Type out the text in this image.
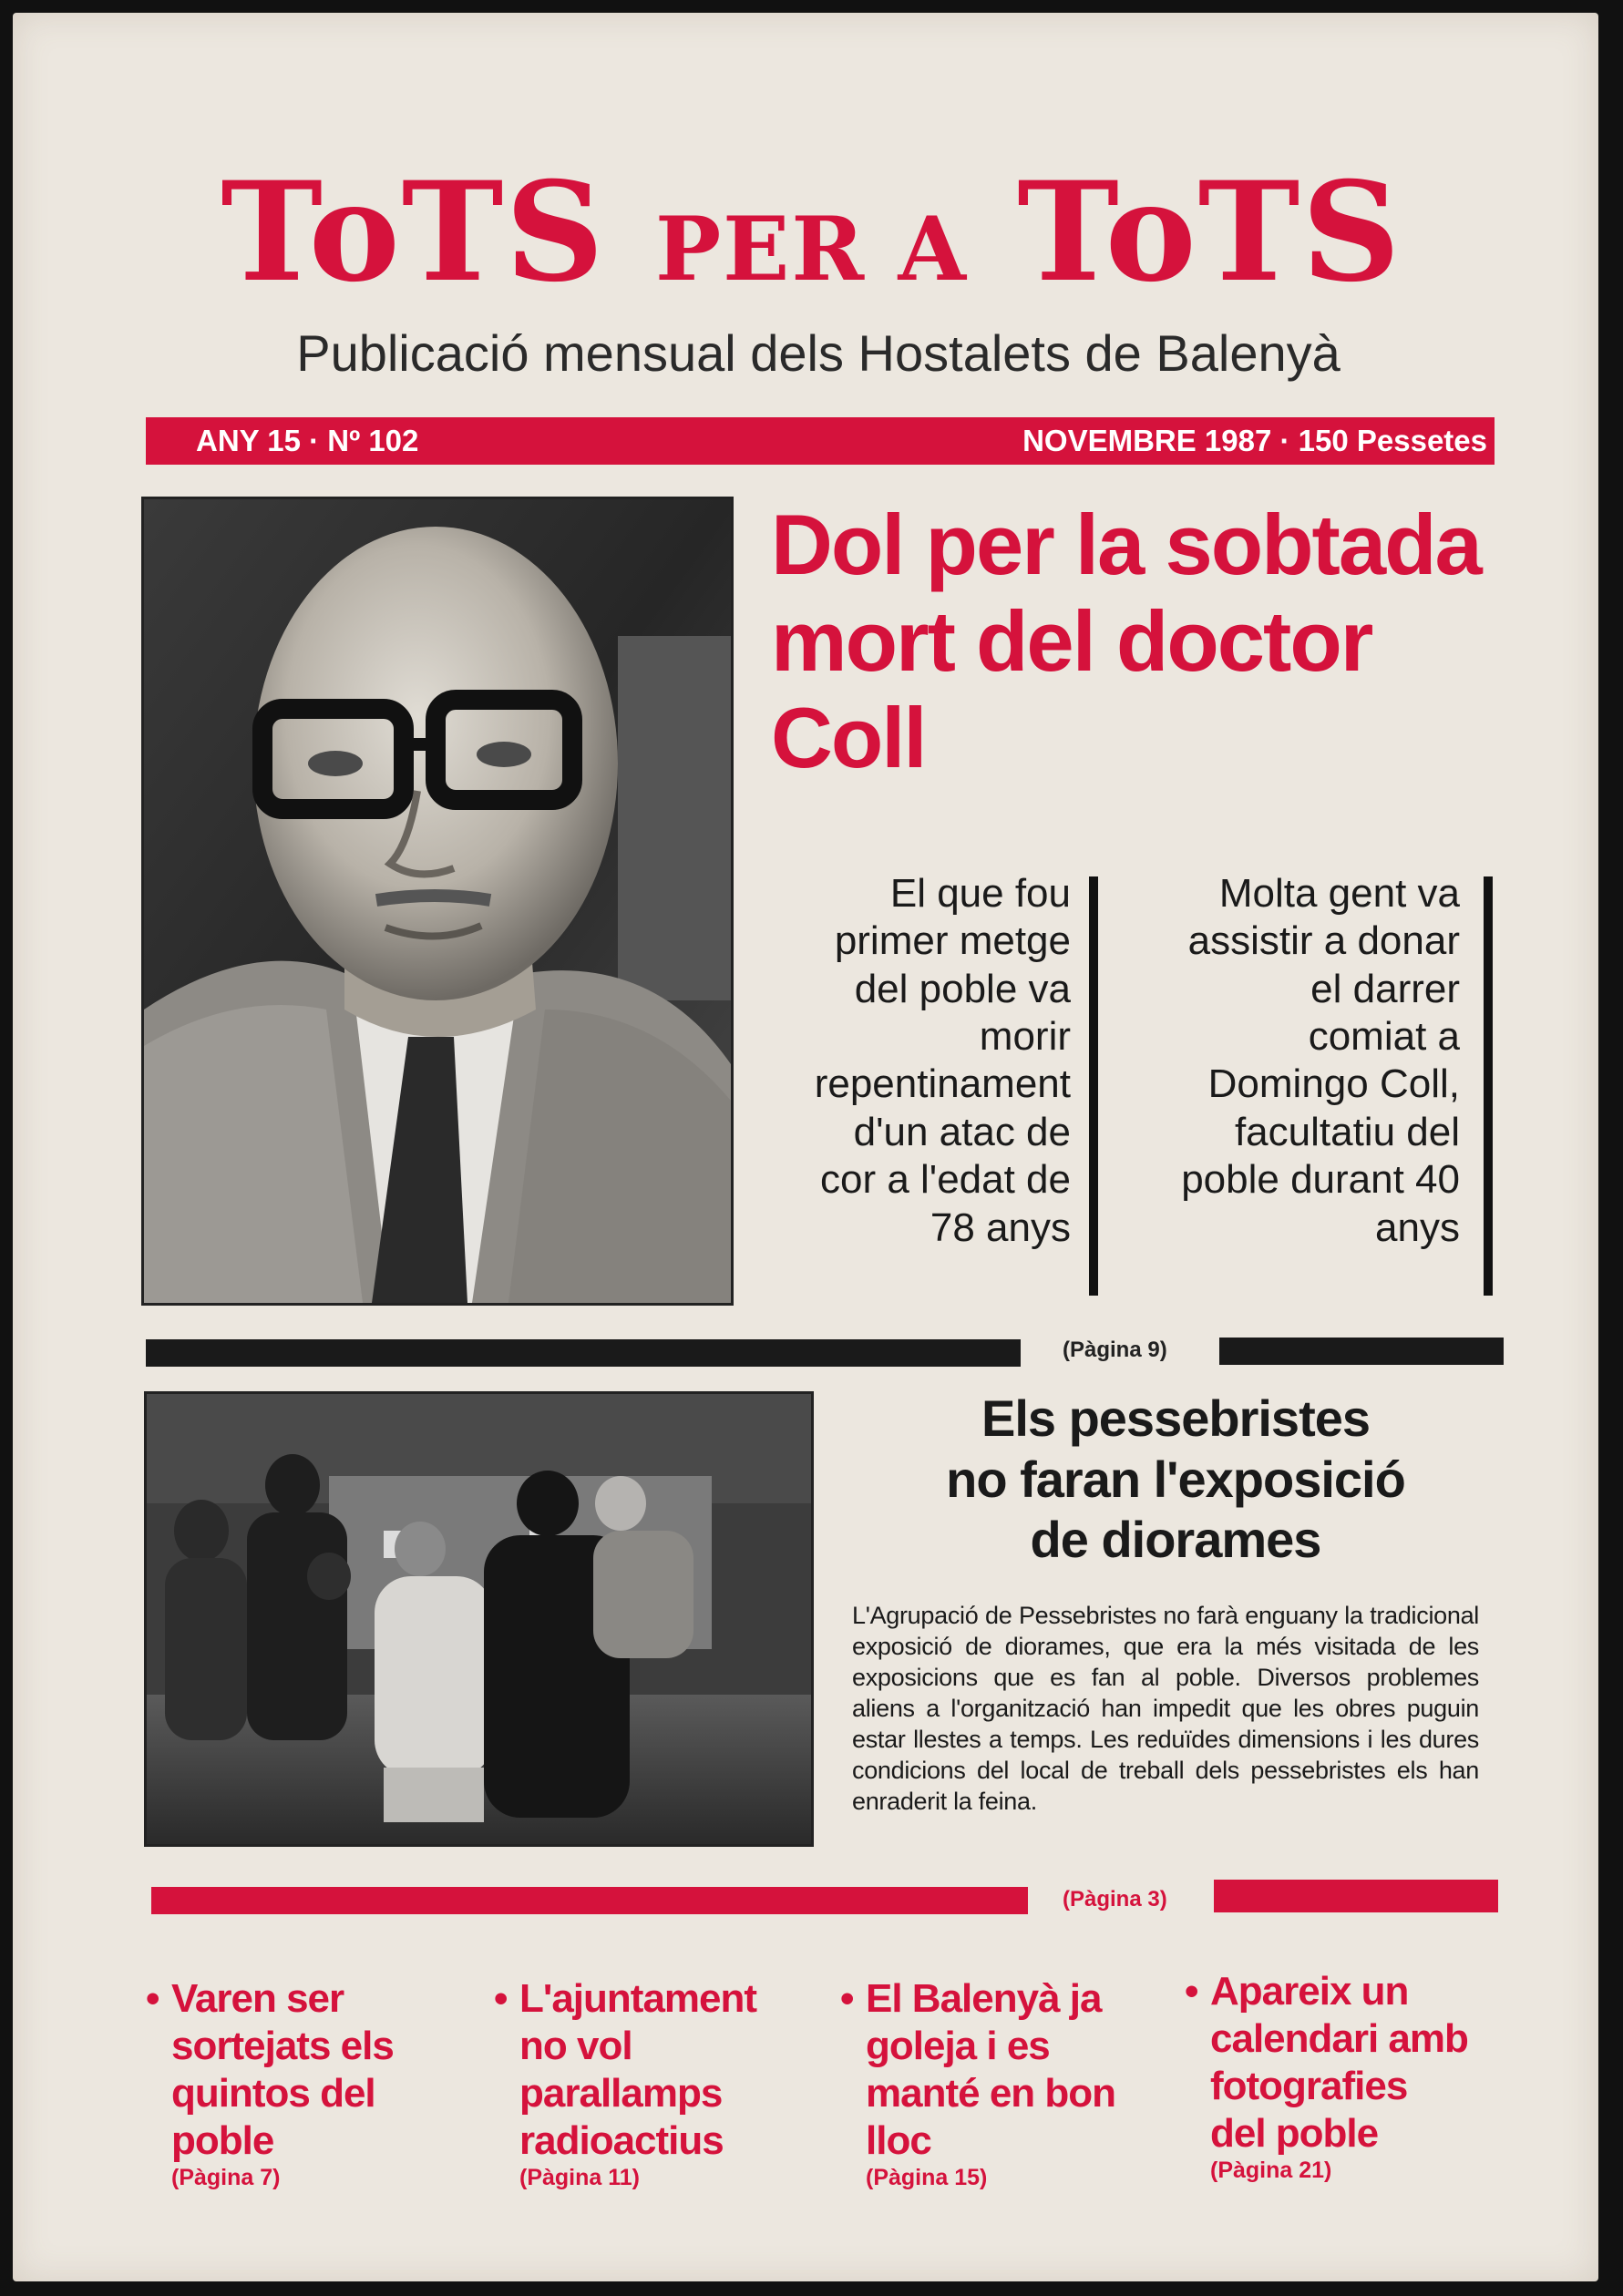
ToTS PER A ToTS
Publicació mensual dels Hostalets de Balenyà
ANY 15 · Nº 102	NOVEMBRE 1987 · 150 Pessetes
Dol per la sobtada
mort del doctor
Coll
El que fou
primer metge
del poble va
morir
repentinament
d'un atac de
cor a l'edat de
78 anys
Molta gent va
assistir a donar
el darrer
comiat a
Domingo Coll,
facultatiu del
poble durant 40
anys
(Pàgina 9)
Els pessebristes
no faran l'exposició
de diorames
L'Agrupació de Pessebristes no farà enguany la tradicional exposició de diorames, que era la més visitada de les exposicions que es fan al poble. Diversos problemes aliens a l'organització han impedit que les obres puguin estar llestes a temps. Les reduïdes dimensions i les dures condicions del local de treball dels pessebristes els han enraderit la feina.
(Pàgina 3)
• Varen ser
sortejats els
quintos del
poble
(Pàgina 7)
• L'ajuntament
no vol
parallamps
radioactius
(Pàgina 11)
• El Balenyà ja
goleja i es
manté en bon
lloc
(Pàgina 15)
• Apareix un
calendari amb
fotografies
del poble
(Pàgina 21)
